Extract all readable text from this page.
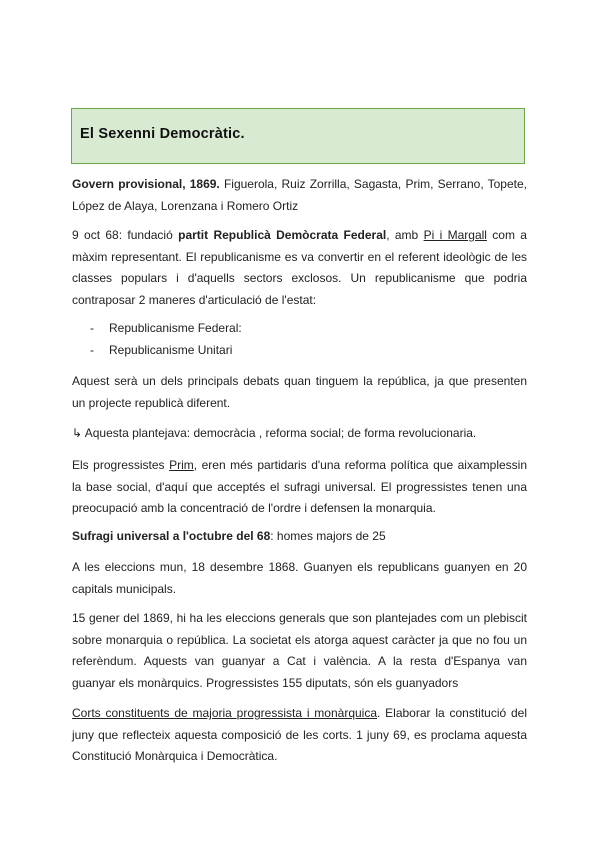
El Sexenni Democràtic.
Govern provisional, 1869. Figuerola, Ruiz Zorrilla, Sagasta, Prim, Serrano, Topete,
López de Alaya, Lorenzana i Romero Ortiz
9 oct 68: fundació partit Republicà Demòcrata Federal, amb Pi i Margall com a
màxim representant. El republicanisme es va convertir en el referent ideològic de les
classes populars i d'aquells sectors exclosos. Un republicanisme que podria
contraposar 2 maneres d'articulació de l'estat:
-	Republicanisme Federal:
-	Republicanisme Unitari
Aquest serà un dels principals debats quan tinguem la república, ja que presenten
un projecte republicà diferent.
↳ Aquesta plantejava: democràcia , reforma social; de forma revolucionaria.
Els progressistes Prim, eren més partidaris d'una reforma política que aixamplessin
la base social, d'aquí que acceptés el sufragi universal. El progressistes tenen una
preocupació amb la concentració de l'ordre i defensen la monarquia.
Sufragi universal a l'octubre del 68: homes majors de 25
A les eleccions mun, 18 desembre 1868. Guanyen els republicans guanyen en 20
capitals municipals.
15 gener del 1869, hi ha les eleccions generals que son plantejades com un plebiscit
sobre monarquia o república. La societat els atorga aquest caràcter ja que no fou un
referèndum. Aquests van guanyar a Cat i valència. A la resta d'Espanya van
guanyar els monàrquics. Progressistes 155 diputats, són els guanyadors
Corts constituents de majoria progressista i monàrquica. Elaborar la constitució del
juny que reflecteix aquesta composició de les corts. 1 juny 69, es proclama aquesta
Constitució Monàrquica i Democràtica.
